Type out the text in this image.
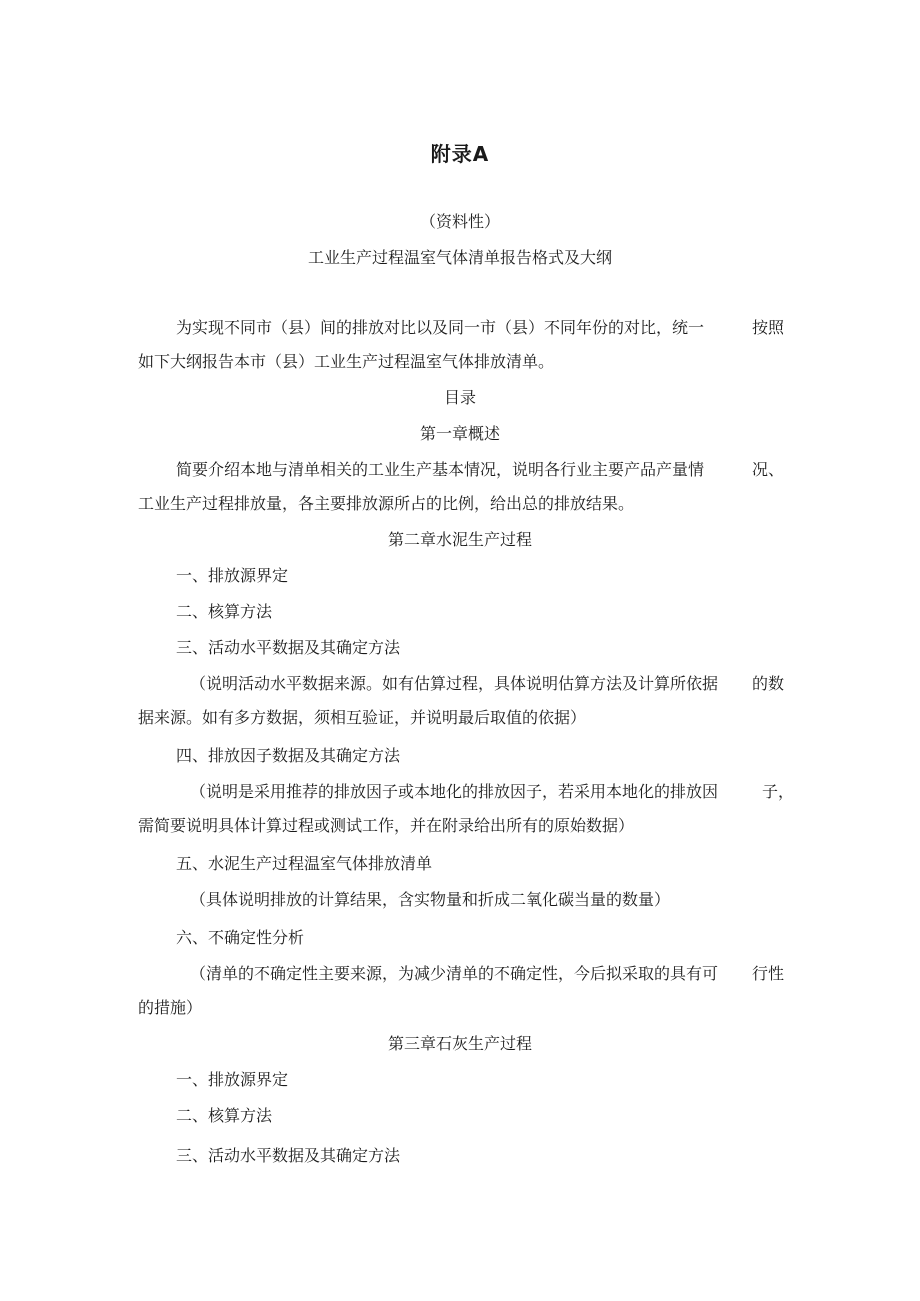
附录A
（资料性）
工业生产过程温室气体清单报告格式及大纲
为实现不同市（县）间的排放对比以及同一市（县）不同年份的对比，统一	按照
如下大纲报告本市（县）工业生产过程温室气体排放清单。
目录
第一章概述
简要介绍本地与清单相关的工业生产基本情况，说明各行业主要产品产量情	况、
工业生产过程排放量，各主要排放源所占的比例，给出总的排放结果。
第二章水泥生产过程
一、排放源界定
二、核算方法
三、活动水平数据及其确定方法
（说明活动水平数据来源。如有估算过程，具体说明估算方法及计算所依据 的数
据来源。如有多方数据，须相互验证，并说明最后取值的依据）
四、排放因子数据及其确定方法
（说明是采用推荐的排放因子或本地化的排放因子，若采用本地化的排放因	子，
需简要说明具体计算过程或测试工作，并在附录给出所有的原始数据）
五、水泥生产过程温室气体排放清单
（具体说明排放的计算结果，含实物量和折成二氧化碳当量的数量）
六、不确定性分析
（清单的不确定性主要来源，为减少清单的不确定性，今后拟采取的具有可 行性
的措施）
第三章石灰生产过程
一、排放源界定
二、核算方法
三、活动水平数据及其确定方法
